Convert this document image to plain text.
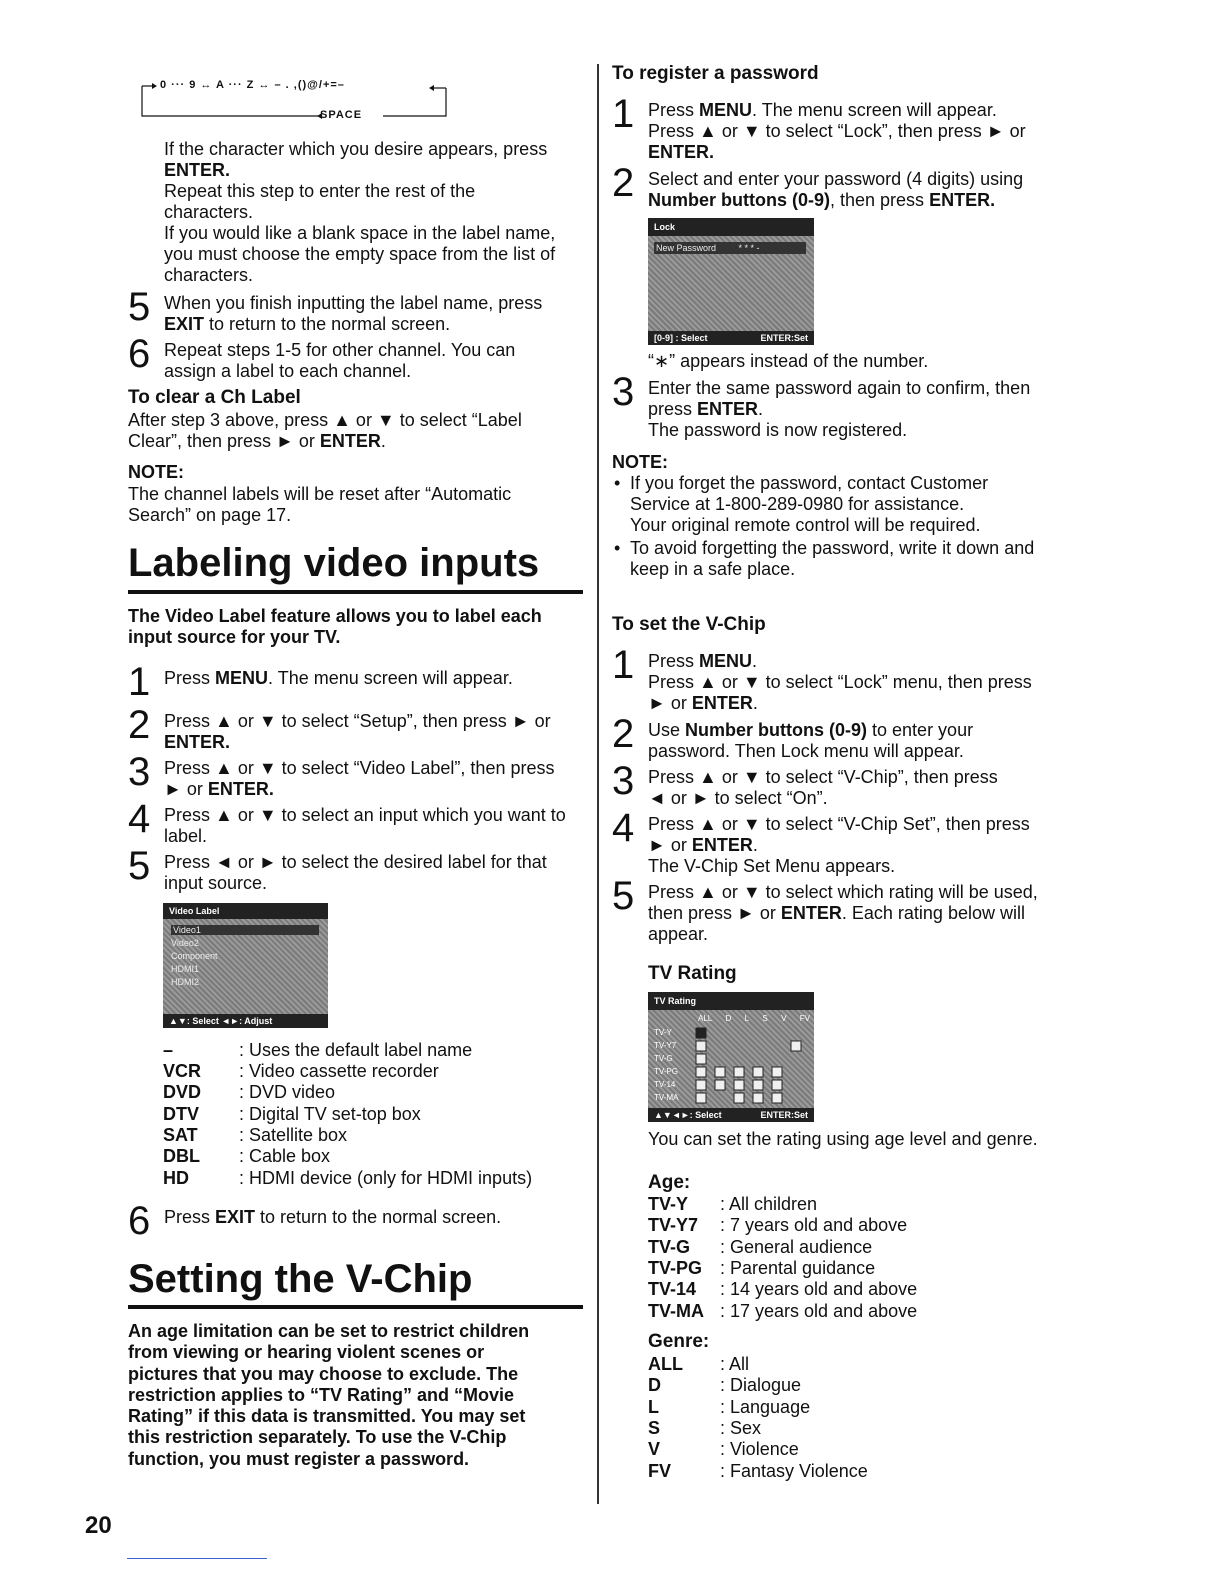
0 ··· 9 ↔ A ··· Z ↔ – . ,()@/+=–
SPACE
If the character which you desire appears, press
ENTER.
Repeat this step to enter the rest of the
characters.
If you would like a blank space in the label name,
you must choose the empty space from the list of
characters.
5 When you finish inputting the label name, press
EXIT to return to the normal screen.
6 Repeat steps 1-5 for other channel. You can
assign a label to each channel.
To clear a Ch Label
After step 3 above, press ▲ or ▼ to select “Label
Clear”, then press ► or ENTER.
NOTE:
The channel labels will be reset after “Automatic
Search” on page 17.
Labeling video inputs
The Video Label feature allows you to label each
input source for your TV.
1 Press MENU. The menu screen will appear.
2 Press ▲ or ▼ to select “Setup”, then press ► or
ENTER.
3 Press ▲ or ▼ to select “Video Label”, then press
► or ENTER.
4 Press ▲ or ▼ to select an input which you want to
label.
5 Press ◄ or ► to select the desired label for that
input source.
Video Label
Video1
Video2
Component
HDMI1
HDMI2
▲▼: Select ◄►: Adjust
–	: Uses the default label name
VCR : Video cassette recorder
DVD : DVD video
DTV : Digital TV set-top box
SAT : Satellite box
DBL : Cable box
HD	: HDMI device (only for HDMI inputs)
6 Press EXIT to return to the normal screen.
Setting the V-Chip
An age limitation can be set to restrict children
from viewing or hearing violent scenes or
pictures that you may choose to exclude. The
restriction applies to “TV Rating” and “Movie
Rating” if this data is transmitted. You may set
this restriction separately. To use the V-Chip
function, you must register a password.
To register a password
1 Press MENU. The menu screen will appear.
Press ▲ or ▼ to select “Lock”, then press ► or
ENTER.
2 Select and enter your password (4 digits) using
Number buttons (0-9), then press ENTER.
Lock
New Password	* * * -
[0-9] : Select	ENTER:Set
“∗” appears instead of the number.
3 Enter the same password again to confirm, then
press ENTER.
The password is now registered.
NOTE:
• If you forget the password, contact Customer
Service at 1-800-289-0980 for assistance.
Your original remote control will be required.
• To avoid forgetting the password, write it down and
keep in a safe place.
To set the V-Chip
1 Press MENU.
Press ▲ or ▼ to select “Lock” menu, then press
► or ENTER.
2 Use Number buttons (0-9) to enter your
password. Then Lock menu will appear.
3 Press ▲ or ▼ to select “V-Chip”, then press
◄ or ► to select “On”.
4 Press ▲ or ▼ to select “V-Chip Set”, then press
► or ENTER.
The V-Chip Set Menu appears.
5 Press ▲ or ▼ to select which rating will be used,
then press ► or ENTER. Each rating below will
appear.
TV Rating
TV Rating
ALL D L S V FV
TV-Y
TV-Y7
TV-G
TV-PG
TV-14
TV-MA
▲▼◄►: Select	ENTER:Set
You can set the rating using age level and genre.
Age:
TV-Y : All children
TV-Y7 : 7 years old and above
TV-G : General audience
TV-PG : Parental guidance
TV-14 : 14 years old and above
TV-MA : 17 years old and above
Genre:
ALL : All
D	: Dialogue
L	: Language
S	: Sex
V	: Violence
FV	: Fantasy Violence
20
